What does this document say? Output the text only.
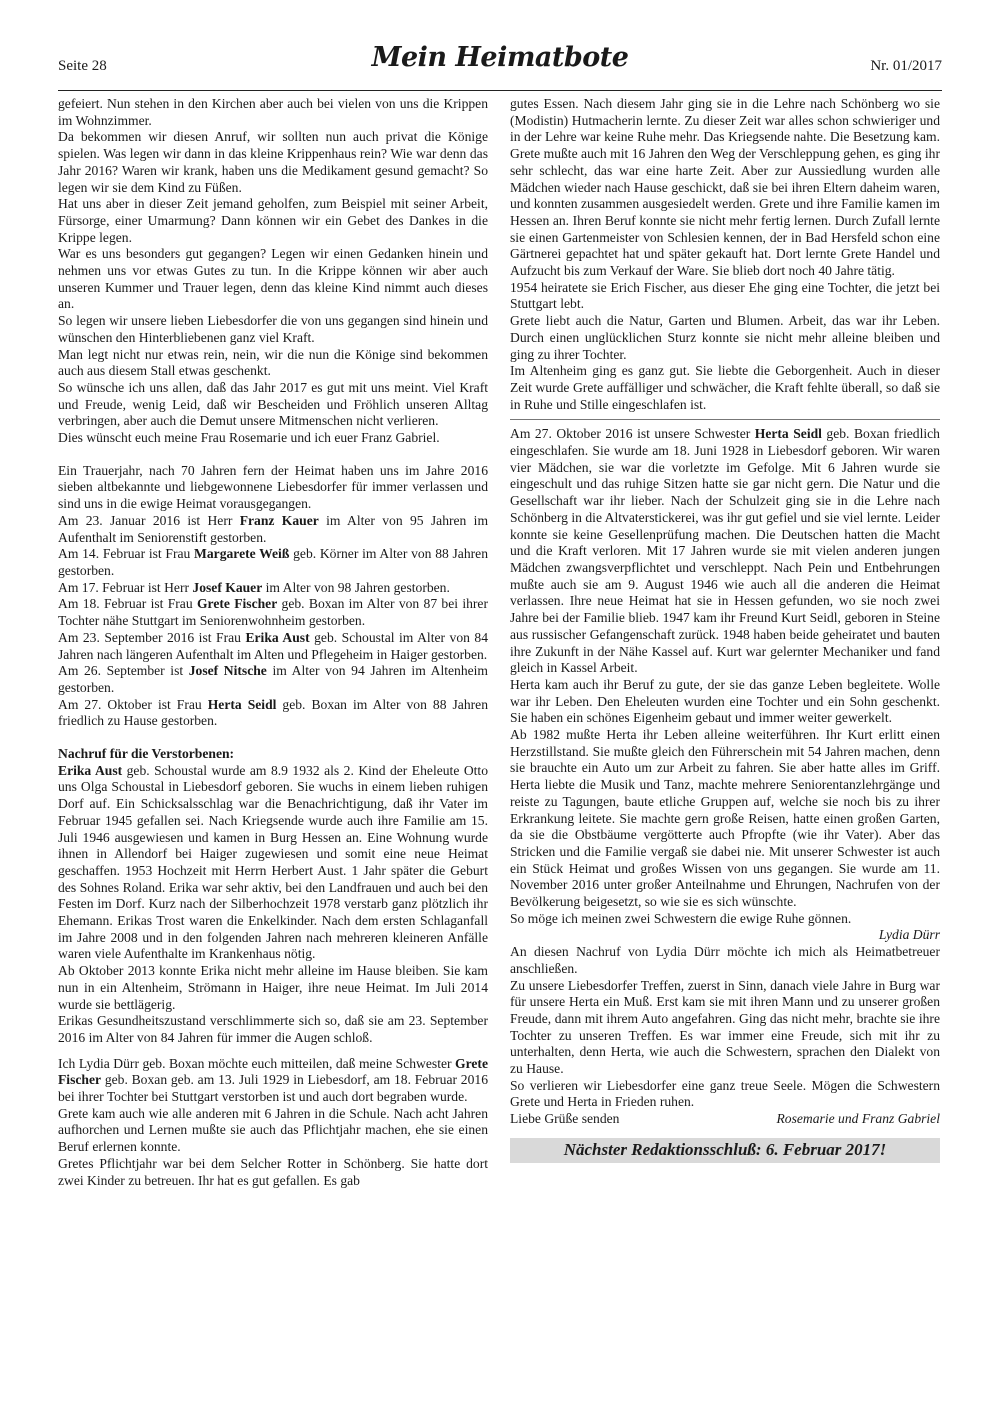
Seite 28	Mein Heimatbote	Nr. 01/2017

gefeiert. Nun stehen in den Kirchen aber auch bei vielen von uns die Krippen im Wohnzimmer.

Da bekommen wir diesen Anruf, wir sollten nun auch privat die Könige spielen. Was legen wir dann in das kleine Krippenhaus rein? Wie war denn das Jahr 2016? Waren wir krank, haben uns die Medikament gesund gemacht? So legen wir sie dem Kind zu Füßen.

Hat uns aber in dieser Zeit jemand geholfen, zum Beispiel mit seiner Arbeit, Fürsorge, einer Umarmung? Dann können wir ein Gebet des Dankes in die Krippe legen.

War es uns besonders gut gegangen? Legen wir einen Gedanken hinein und nehmen uns vor etwas Gutes zu tun. In die Krippe können wir aber auch unseren Kummer und Trauer legen, denn das kleine Kind nimmt auch dieses an.

So legen wir unsere lieben Liebesdorfer die von uns gegangen sind hinein und wünschen den Hinterbliebenen ganz viel Kraft.

Man legt nicht nur etwas rein, nein, wir die nun die Könige sind bekommen auch aus diesem Stall etwas geschenkt.

So wünsche ich uns allen, daß das Jahr 2017 es gut mit uns meint. Viel Kraft und Freude, wenig Leid, daß wir Bescheiden und Fröhlich unseren Alltag verbringen, aber auch die Demut unsere Mitmenschen nicht verlieren.

Dies wünscht euch meine Frau Rosemarie und ich euer Franz Gabriel.

Ein Trauerjahr, nach 70 Jahren fern der Heimat haben uns im Jahre 2016 sieben altbekannte und liebgewonnene Liebesdorfer für immer verlassen und sind uns in die ewige Heimat vorausgegangen.

Am 23. Januar 2016 ist Herr Franz Kauer im Alter von 95 Jahren im Aufenthalt im Seniorenstift gestorben.

Am 14. Februar ist Frau Margarete Weiß geb. Körner im Alter von 88 Jahren gestorben.

Am 17. Februar ist Herr Josef Kauer im Alter von 98 Jahren gestorben.

Am 18. Februar ist Frau Grete Fischer geb. Boxan im Alter von 87 bei ihrer Tochter nähe Stuttgart im Seniorenwohnheim gestorben.

Am 23. September 2016 ist Frau Erika Aust geb. Schoustal im Alter von 84 Jahren nach längeren Aufenthalt im Alten und Pflegeheim in Haiger gestorben.

Am 26. September ist Josef Nitsche im Alter von 94 Jahren im Altenheim gestorben.

Am 27. Oktober ist Frau Herta Seidl geb. Boxan im Alter von 88 Jahren friedlich zu Hause gestorben.

Nachruf für die Verstorbenen:

Erika Aust geb. Schoustal wurde am 8.9 1932 als 2. Kind der Eheleute Otto uns Olga Schoustal in Liebesdorf geboren. Sie wuchs in einem lieben ruhigen Dorf auf. Ein Schicksalsschlag war die Benachrichtigung, daß ihr Vater im Februar 1945 gefallen sei. Nach Kriegsende wurde auch ihre Familie am 15. Juli 1946 ausgewiesen und kamen in Burg Hessen an. Eine Wohnung wurde ihnen in Allendorf bei Haiger zugewiesen und somit eine neue Heimat geschaffen. 1953 Hochzeit mit Herrn Herbert Aust. 1 Jahr später die Geburt des Sohnes Roland. Erika war sehr aktiv, bei den Landfrauen und auch bei den Festen im Dorf. Kurz nach der Silberhochzeit 1978 verstarb ganz plötzlich ihr Ehemann. Erikas Trost waren die Enkelkinder. Nach dem ersten Schlaganfall im Jahre 2008 und in den folgenden Jahren nach mehreren kleineren Anfälle waren viele Aufenthalte im Krankenhaus nötig.

Ab Oktober 2013 konnte Erika nicht mehr alleine im Hause bleiben. Sie kam nun in ein Altenheim, Strömann in Haiger, ihre neue Heimat. Im Juli 2014 wurde sie bettlägerig.

Erikas Gesundheitszustand verschlimmerte sich so, daß sie am 23. September 2016 im Alter von 84 Jahren für immer die Augen schloß.

Ich Lydia Dürr geb. Boxan möchte euch mitteilen, daß meine Schwester Grete Fischer geb. Boxan geb. am 13. Juli 1929 in Liebesdorf, am 18. Februar 2016 bei ihrer Tochter bei Stuttgart verstorben ist und auch dort begraben wurde.

Grete kam auch wie alle anderen mit 6 Jahren in die Schule. Nach acht Jahren aufhorchen und Lernen mußte sie auch das Pflichtjahr machen, ehe sie einen Beruf erlernen konnte.

Gretes Pflichtjahr war bei dem Selcher Rotter in Schönberg. Sie hatte dort zwei Kinder zu betreuen. Ihr hat es gut gefallen. Es gab

gutes Essen. Nach diesem Jahr ging sie in die Lehre nach Schönberg wo sie (Modistin) Hutmacherin lernte. Zu dieser Zeit war alles schon schwieriger und in der Lehre war keine Ruhe mehr. Das Kriegsende nahte. Die Besetzung kam. Grete mußte auch mit 16 Jahren den Weg der Verschleppung gehen, es ging ihr sehr schlecht, das war eine harte Zeit. Aber zur Aussiedlung wurden alle Mädchen wieder nach Hause geschickt, daß sie bei ihren Eltern daheim waren, und konnten zusammen ausgesiedelt werden. Grete und ihre Familie kamen im Hessen an. Ihren Beruf konnte sie nicht mehr fertig lernen. Durch Zufall lernte sie einen Gartenmeister von Schlesien kennen, der in Bad Hersfeld schon eine Gärtnerei gepachtet hat und später gekauft hat. Dort lernte Grete Handel und Aufzucht bis zum Verkauf der Ware. Sie blieb dort noch 40 Jahre tätig.

1954 heiratete sie Erich Fischer, aus dieser Ehe ging eine Tochter, die jetzt bei Stuttgart lebt.

Grete liebt auch die Natur, Garten und Blumen. Arbeit, das war ihr Leben. Durch einen unglücklichen Sturz konnte sie nicht mehr alleine bleiben und ging zu ihrer Tochter.

Im Altenheim ging es ganz gut. Sie liebte die Geborgenheit. Auch in dieser Zeit wurde Grete auffälliger und schwächer, die Kraft fehlte überall, so daß sie in Ruhe und Stille eingeschlafen ist.

Am 27. Oktober 2016 ist unsere Schwester Herta Seidl geb. Boxan friedlich eingeschlafen. Sie wurde am 18. Juni 1928 in Liebesdorf geboren. Wir waren vier Mädchen, sie war die vorletzte im Gefolge. Mit 6 Jahren wurde sie eingeschult und das ruhige Sitzen hatte sie gar nicht gern. Die Natur und die Gesellschaft war ihr lieber. Nach der Schulzeit ging sie in die Lehre nach Schönberg in die Altvaterstickerei, was ihr gut gefiel und sie viel lernte. Leider konnte sie keine Gesellenprüfung machen. Die Deutschen hatten die Macht und die Kraft verloren. Mit 17 Jahren wurde sie mit vielen anderen jungen Mädchen zwangsverpflichtet und verschleppt. Nach Pein und Entbehrungen mußte auch sie am 9. August 1946 wie auch all die anderen die Heimat verlassen. Ihre neue Heimat hat sie in Hessen gefunden, wo sie noch zwei Jahre bei der Familie blieb. 1947 kam ihr Freund Kurt Seidl, geboren in Steine aus russischer Gefangenschaft zurück. 1948 haben beide geheiratet und bauten ihre Zukunft in der Nähe Kassel auf. Kurt war gelernter Mechaniker und fand gleich in Kassel Arbeit.

Herta kam auch ihr Beruf zu gute, der sie das ganze Leben begleitete. Wolle war ihr Leben. Den Eheleuten wurden eine Tochter und ein Sohn geschenkt. Sie haben ein schönes Eigenheim gebaut und immer weiter gewerkelt.

Ab 1982 mußte Herta ihr Leben alleine weiterführen. Ihr Kurt erlitt einen Herzstillstand. Sie mußte gleich den Führerschein mit 54 Jahren machen, denn sie brauchte ein Auto um zur Arbeit zu fahren. Sie aber hatte alles im Griff. Herta liebte die Musik und Tanz, machte mehrere Seniorentanzlehrgänge und reiste zu Tagungen, baute etliche Gruppen auf, welche sie noch bis zu ihrer Erkrankung leitete. Sie machte gern große Reisen, hatte einen großen Garten, da sie die Obstbäume vergötterte auch Pfropfte (wie ihr Vater). Aber das Stricken und die Familie vergaß sie dabei nie. Mit unserer Schwester ist auch ein Stück Heimat und großes Wissen von uns gegangen. Sie wurde am 11. November 2016 unter großer Anteilnahme und Ehrungen, Nachrufen von der Bevölkerung beigesetzt, so wie sie es sich wünschte.

So möge ich meinen zwei Schwestern die ewige Ruhe gönnen.

Lydia Dürr

An diesen Nachruf von Lydia Dürr möchte ich mich als Heimatbetreuer anschließen.

Zu unsere Liebesdorfer Treffen, zuerst in Sinn, danach viele Jahre in Burg war für unsere Herta ein Muß. Erst kam sie mit ihren Mann und zu unserer großen Freude, dann mit ihrem Auto angefahren. Ging das nicht mehr, brachte sie ihre Tochter zu unseren Treffen. Es war immer eine Freude, sich mit ihr zu unterhalten, denn Herta, wie auch die Schwestern, sprachen den Dialekt von zu Hause.

So verlieren wir Liebesdorfer eine ganz treue Seele. Mögen die Schwestern Grete und Herta in Frieden ruhen.

Liebe Grüße senden	Rosemarie und Franz Gabriel
Nächster Redaktionsschluß: 6. Februar 2017!
